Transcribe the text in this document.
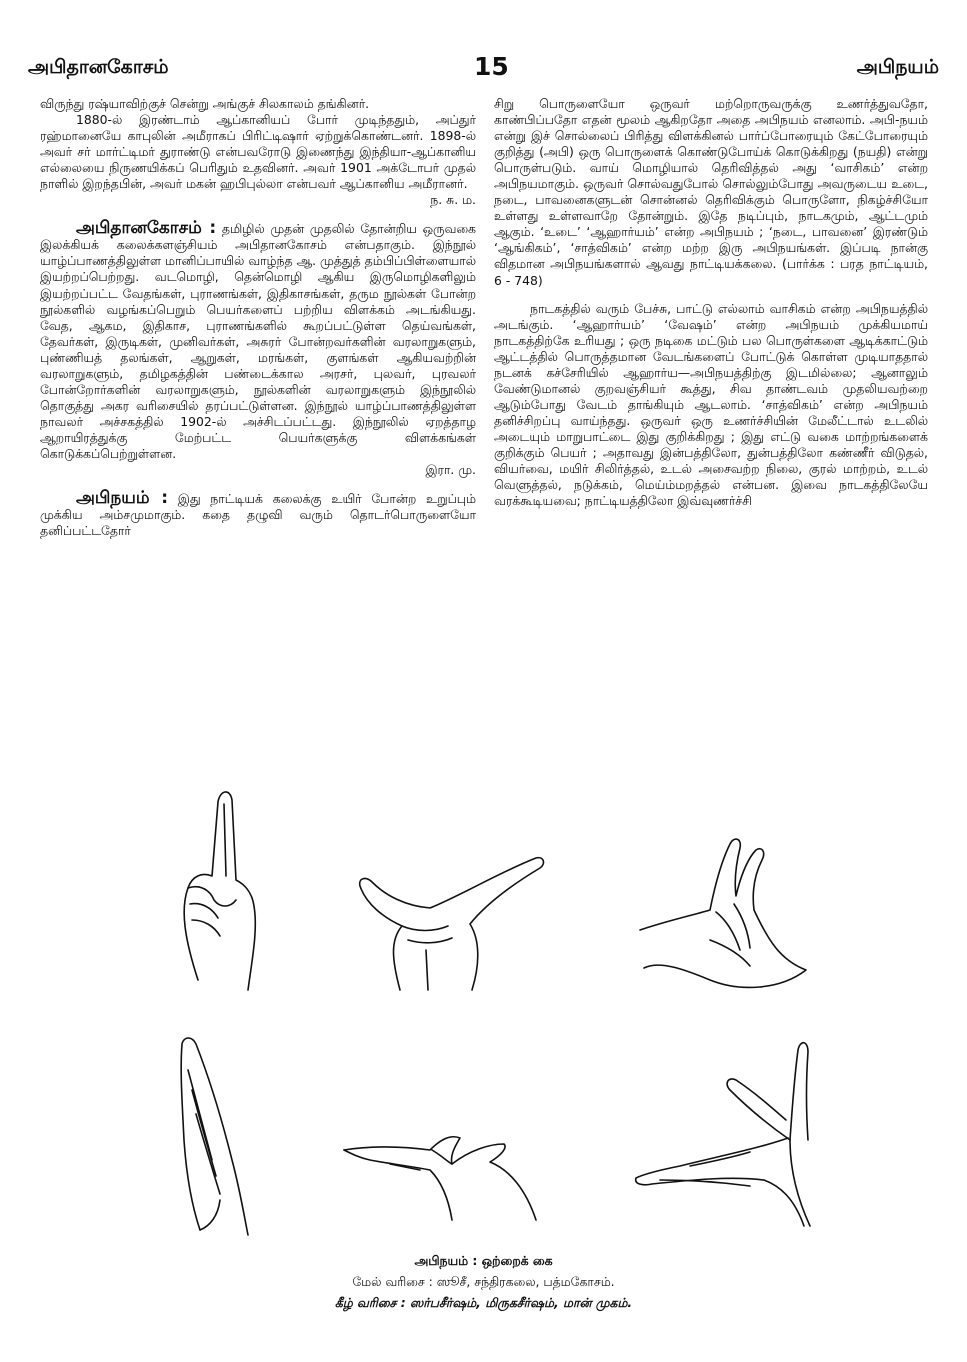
அபிதானகோசம்	15	அபிநயம்

விருந்து ரஷ்யாவிற்குச் சென்று அங்குச் சிலகாலம் தங்கினர்.

1880-ல் இரண்டாம் ஆப்கானியப் போர் முடிந்ததும், அப்துர் ரஹ்மானையே காபுலின் அமீராகப் பிரிட்டிஷார் ஏற்றுக்கொண்டனர். 1898-ல் அவர் சர் மார்ட்டிமர் துராண்டு என்பவரோடு இணைந்து இந்தியா-ஆப்கானிய எல்லையை நிருணயிக்கப் பெரிதும் உதவினர். அவர் 1901 அக்டோபர் முதல் நாளில் இறந்தபின், அவர் மகன் ஹபிபுல்லா என்பவர் ஆப்கானிய அமீரானர்.

ந. சு. ம.

அபிதானகோசம் : தமிழில் முதன் முதலில் தோன்றிய ஒருவகை இலக்கியக் கலைக்களஞ்சியம் அபிதானகோசம் என்பதாகும். இந்நூல் யாழ்ப்பாணத்திலுள்ள மானிப்பாயில் வாழ்ந்த ஆ. முத்துத் தம்பிப்பிள்ளையால் இயற்றப்பெற்றது. வடமொழி, தென்மொழி ஆகிய இருமொழிகளிலும் இயற்றப்பட்ட வேதங்கள், புராணங்கள், இதிகாசங்கள், தரும நூல்கள் போன்ற நூல்களில் வழங்கப்பெறும் பெயர்களைப் பற்றிய விளக்கம் அடங்கியது. வேத, ஆகம, இதிகாச, புராணங்களில் கூறப்பட்டுள்ள தெய்வங்கள், தேவர்கள், இருடிகள், முனிவர்கள், அசுரர் போன்றவர்களின் வரலாறுகளும், புண்ணியத் தலங்கள், ஆறுகள், மரங்கள், குளங்கள் ஆகியவற்றின் வரலாறுகளும், தமிழகத்தின் பண்டைக்கால அரசர், புலவர், புரவலர் போன்றோர்களின் வரலாறுகளும், நூல்களின் வரலாறுகளும் இந்நூலில் தொகுத்து அகர வரிசையில் தரப்பட்டுள்ளன. இந்நூல் யாழ்ப்பாணத்திலுள்ள நாவலர் அச்சகத்தில் 1902-ல் அச்சிடப்பட்டது. இந்நூலில் ஏறத்தாழ ஆறாயிரத்துக்கு மேற்பட்ட பெயர்களுக்கு விளக்கங்கள் கொடுக்கப்பெற்றுள்ளன.

இரா. மு.

அபிநயம் : இது நாட்டியக் கலைக்கு உயிர் போன்ற உறுப்பும் முக்கிய அம்சமுமாகும். கதை தழுவி வரும் தொடர்பொருளையோ தனிப்பட்டதோர்

சிறு பொருளையோ ஒருவர் மற்றொருவருக்கு உணர்த்துவதோ, காண்பிப்பதோ எதன் மூலம் ஆகிறதோ அதை அபிநயம் எனலாம். அபி-நயம் என்று இச் சொல்லைப் பிரித்து விளக்கினல் பார்ப்போரையும் கேட்போரையும் குறித்து (அபி) ஒரு பொருளைக் கொண்டுபோய்க் கொடுக்கிறது (நயதி) என்று பொருள்படும். வாய் மொழியால் தெரிவித்தல் அது ‘வாசிகம்’ என்ற அபிநயமாகும். ஒருவர் சொல்வதுபோல் சொல்லும்போது அவருடைய உடை, நடை, பாவனைகளுடன் சொன்னல் தெரிவிக்கும் பொருளோ, நிகழ்ச்சியோ உள்ளது உள்ளவாறே தோன்றும். இதே நடிப்பும், நாடகமும், ஆட்டமும் ஆகும். ‘உடை’ ‘ஆஹார்யம்’ என்ற அபிநயம் ; ‘நடை, பாவனை’ இரண்டும் ‘ஆங்கிகம்’, ‘சாத்விகம்’ என்ற மற்ற இரு அபிநயங்கள். இப்படி நான்கு விதமான அபிநயங்களால் ஆவது நாட்டியக்கலை. (பார்க்க : பரத நாட்டியம், 6 - 748)

நாடகத்தில் வரும் பேச்சு, பாட்டு எல்லாம் வாசிகம் என்ற அபிநயத்தில் அடங்கும். ‘ஆஹார்யம்’ ‘வேஷம்’ என்ற அபிநயம் முக்கியமாய் நாடகத்திற்கே உரியது ; ஒரு நடிகை மட்டும் பல பொருள்களை ஆடிக்காட்டும் ஆட்டத்தில் பொருத்தமான வேடங்களைப் போட்டுக் கொள்ள முடியாததால் நடனக் கச்சேரியில் ஆஹார்ய—அபிநயத்திற்கு இடமில்லை; ஆனாலும் வேண்டுமானல் குறவஞ்சியர் கூத்து, சிவ தாண்டவம் முதலியவற்றை ஆடும்போது வேடம் தாங்கியும் ஆடலாம். ‘சாத்விகம்’ என்ற அபிநயம் தனிச்சிறப்பு வாய்ந்தது. ஒருவர் ஒரு உணர்ச்சியின் மேலீட்டால் உடலில் அடையும் மாறுபாட்டை இது குறிக்கிறது ; இது எட்டு வகை மாற்றங்களைக் குறிக்கும் பெயர் ; அதாவது இன்பத்திலோ, துன்பத்திலோ கண்ணீர் விடுதல், வியர்வை, மயிர் சிலிர்த்தல், உடல் அசைவற்ற நிலை, குரல் மாற்றம், உடல் வெளுத்தல், நடுக்கம், மெய்ம்மறத்தல் என்பன. இவை நாடகத்திலேயே வரக்கூடியவை; நாட்டியத்திலோ இவ்வுணர்ச்சி

அபிநயம் : ஒற்றைக் கை
மேல் வரிசை : ஸூசீ, சந்திரகலை, பத்மகோசம்.
கீழ் வரிசை : ஸர்பசீர்ஷம், மிருகசீர்ஷம், மான் முகம்.
